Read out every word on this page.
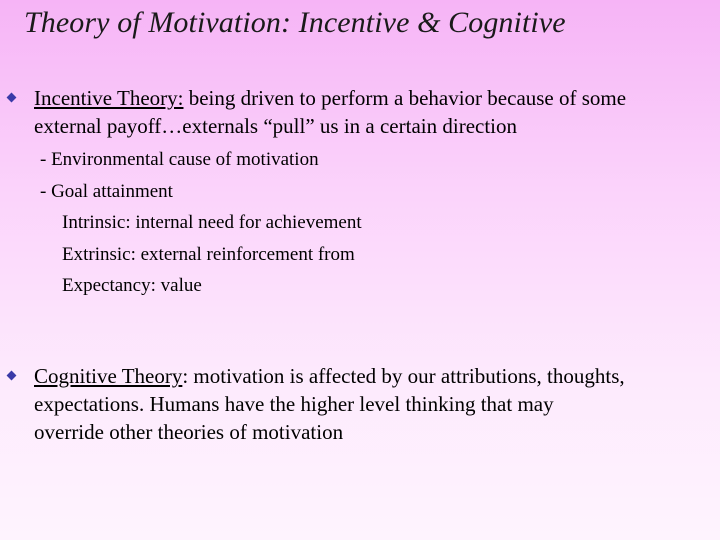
Theory of Motivation: Incentive & Cognitive
Incentive Theory: being driven to perform a behavior because of some
external payoff…externals “pull” us in a certain direction
- Environmental cause of motivation
- Goal attainment
Intrinsic: internal need for achievement
Extrinsic: external reinforcement from
Expectancy: value
Cognitive Theory: motivation is affected by our attributions, thoughts,
expectations. Humans have the higher level thinking that may
override other theories of motivation
